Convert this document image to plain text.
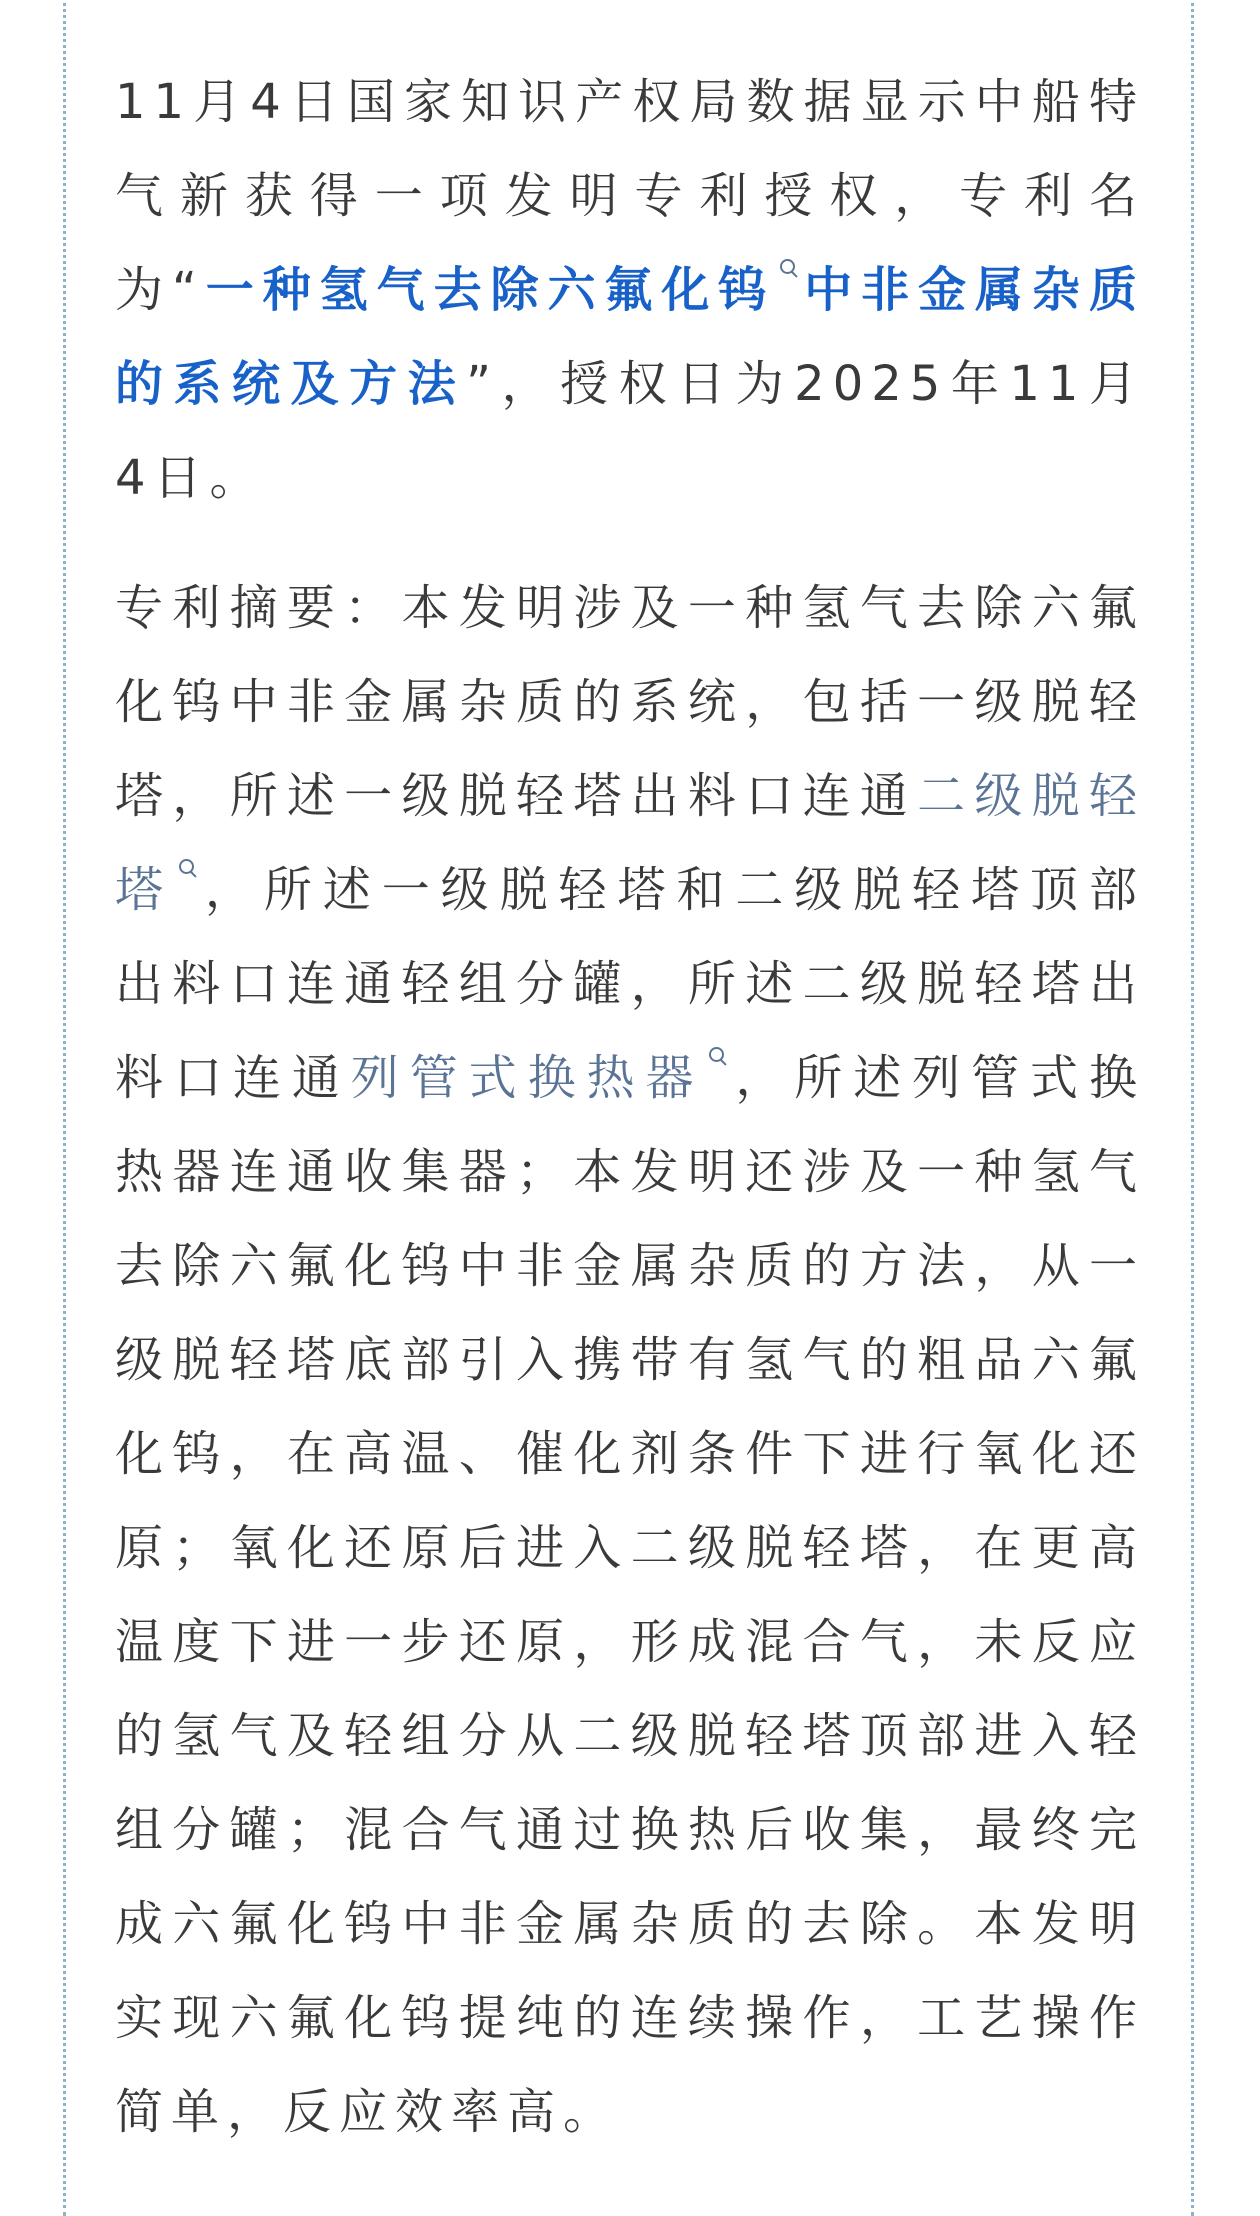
11月4日国家知识产权局数据显示中船特气新获得一项发明专利授权，专利名为“一种氢气去除六氟化钨 中非金属杂质的系统及方法”，授权日为2025年11月4日。

专利摘要：本发明涉及一种氢气去除六氟化钨中非金属杂质的系统，包括一级脱轻塔，所述一级脱轻塔出料口连通二级脱轻塔 ，所述一级脱轻塔和二级脱轻塔顶部出料口连通轻组分罐，所述二级脱轻塔出料口连通列管式换热器 ，所述列管式换热器连通收集器；本发明还涉及一种氢气去除六氟化钨中非金属杂质的方法，从一级脱轻塔底部引入携带有氢气的粗品六氟化钨，在高温、催化剂条件下进行氧化还原；氧化还原后进入二级脱轻塔，在更高温度下进一步还原，形成混合气，未反应的氢气及轻组分从二级脱轻塔顶部进入轻组分罐；混合气通过换热后收集，最终完成六氟化钨中非金属杂质的去除。本发明实现六氟化钨提纯的连续操作，工艺操作简单，反应效率高。
